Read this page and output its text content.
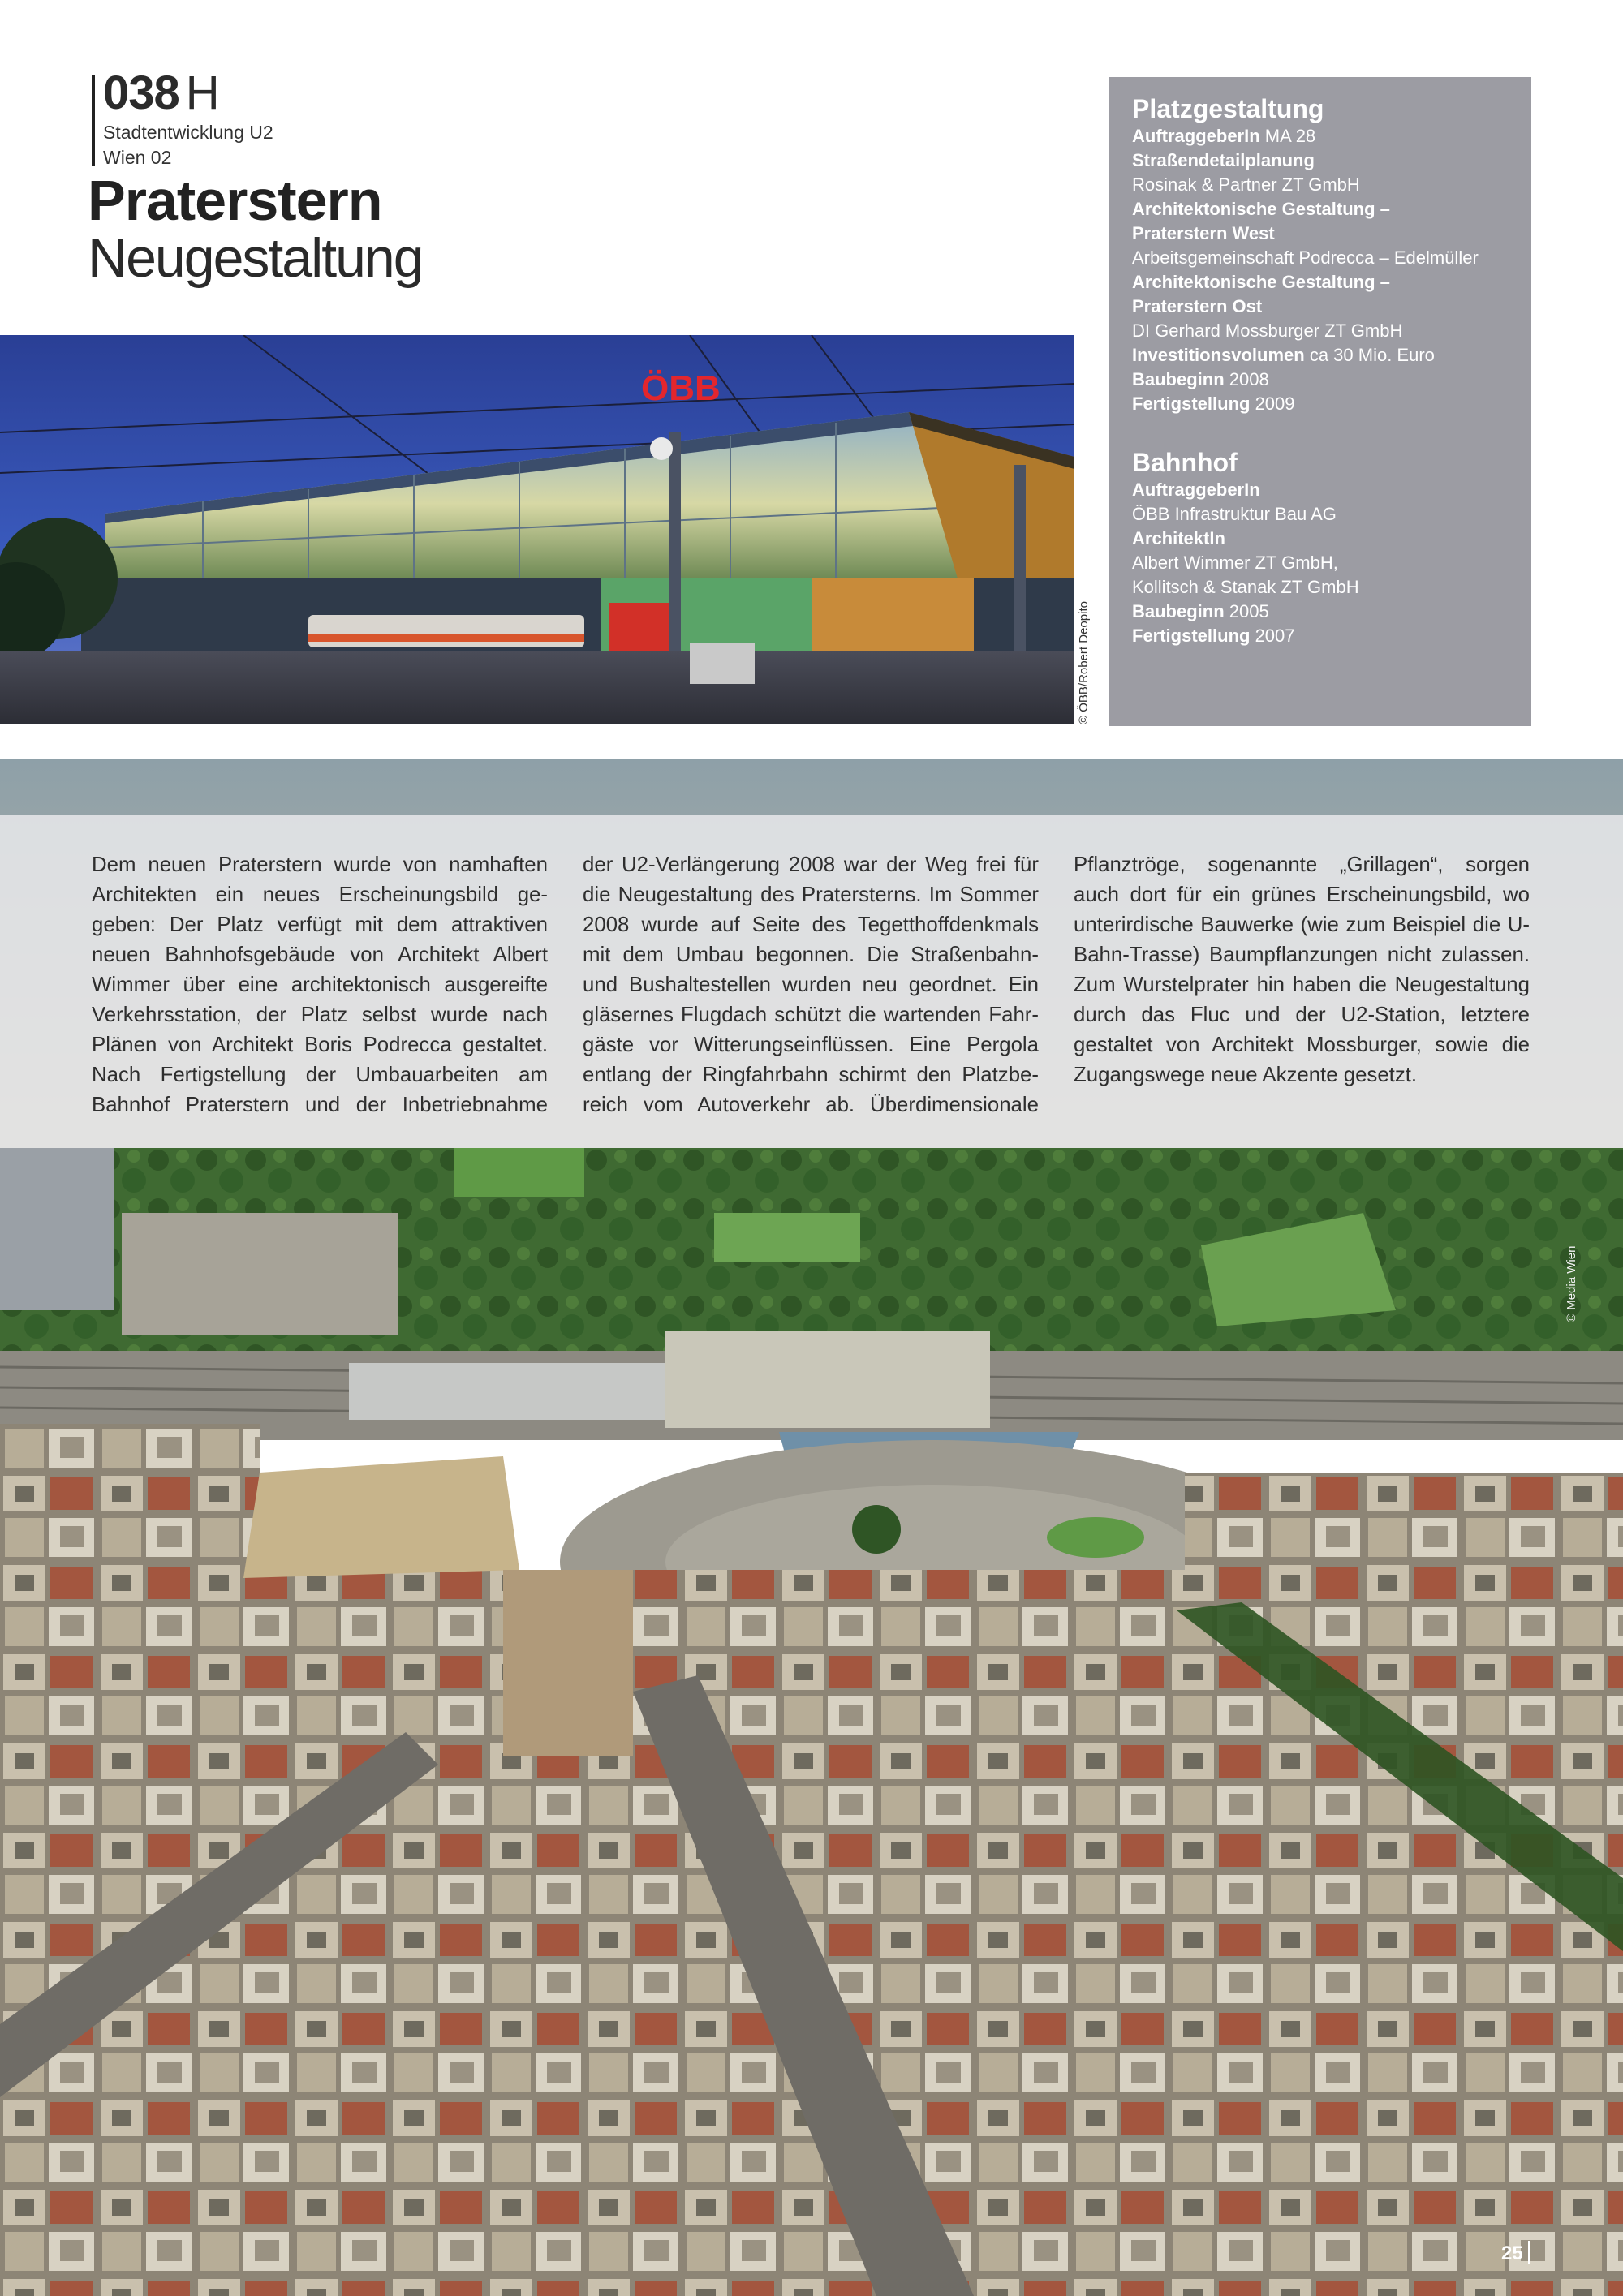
038 H
Stadtentwicklung U2
Wien 02
Praterstern
Neugestaltung
ÖBB
© ÖBB/Robert Deopito
Platzgestaltung
AuftraggeberIn MA 28
Straßendetailplanung
Rosinak & Partner ZT GmbH
Architektonische Gestaltung –
Praterstern West
Arbeitsgemeinschaft Podrecca – Edelmüller
Architektonische Gestaltung –
Praterstern Ost
DI Gerhard Mossburger ZT GmbH
Investitionsvolumen ca 30 Mio. Euro
Baubeginn 2008
Fertigstellung 2009
Bahnhof
AuftraggeberIn
ÖBB Infrastruktur Bau AG
ArchitektIn
Albert Wimmer ZT GmbH,
Kollitsch & Stanak ZT GmbH
Baubeginn 2005
Fertigstellung 2007
© Media Wien
Dem neuen Praterstern wurde von namhaften
Architekten ein neues Erscheinungsbild ge-
geben: Der Platz verfügt mit dem attraktiven
neuen Bahnhofsgebäude von Architekt Albert
Wimmer über eine architektonisch ausgereifte
Verkehrsstation, der Platz selbst wurde nach
Plänen von Architekt Boris Podrecca gestaltet.
Nach Fertigstellung der Umbauarbeiten am
Bahnhof Praterstern und der Inbetriebnahme
der U2-Verlängerung 2008 war der Weg frei für
die Neugestaltung des Pratersterns. Im Sommer
2008 wurde auf Seite des Tegetthoffdenkmals
mit dem Umbau begonnen. Die Straßenbahn-
und Bushaltestellen wurden neu geordnet. Ein
gläsernes Flugdach schützt die wartenden Fahr-
gäste vor Witterungseinflüssen. Eine Pergola
entlang der Ringfahrbahn schirmt den Platzbe-
reich vom Autoverkehr ab. Überdimensionale
Pflanztröge, sogenannte „Grillagen“, sorgen
auch dort für ein grünes Erscheinungsbild, wo
unterirdische Bauwerke (wie zum Beispiel die U-
Bahn-Trasse) Baumpflanzungen nicht zulassen.
Zum Wurstelprater hin haben die Neugestaltung
durch das Fluc und der U2-Station, letztere
gestaltet von Architekt Mossburger, sowie die
Zugangswege neue Akzente gesetzt.
25
